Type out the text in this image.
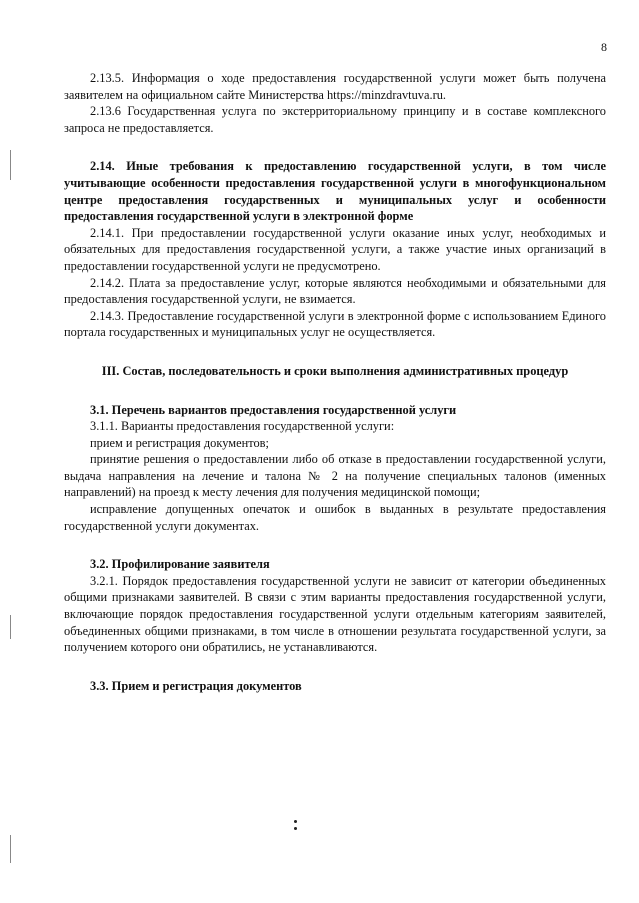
8

2.13.5. Информация о ходе предоставления государственной услуги может быть получена заявителем на официальном сайте Министерства https://minzdravtuva.ru.

2.13.6 Государственная услуга по экстерриториальному принципу и в составе комплексного запроса не предоставляется.

2.14. Иные требования к предоставлению государственной услуги, в том числе учитывающие особенности предоставления государственной услуги в многофункциональном центре предоставления государственных и муниципальных услуг и особенности предоставления государственной услуги в электронной форме

2.14.1. При предоставлении государственной услуги оказание иных услуг, необходимых и обязательных для предоставления государственной услуги, а также участие иных организаций в предоставлении государственной услуги не предусмотрено.

2.14.2. Плата за предоставление услуг, которые являются необходимыми и обязательными для предоставления государственной услуги, не взимается.

2.14.3. Предоставление государственной услуги в электронной форме с использованием Единого портала государственных и муниципальных услуг не осуществляется.

III. Состав, последовательность и сроки выполнения административных процедур

3.1. Перечень вариантов предоставления государственной услуги

3.1.1. Варианты предоставления государственной услуги:

прием и регистрация документов;

принятие решения о предоставлении либо об отказе в предоставлении государственной услуги, выдача направления на лечение и талона № 2 на получение специальных талонов (именных направлений) на проезд к месту лечения для получения медицинской помощи;

исправление допущенных опечаток и ошибок в выданных в результате предоставления государственной услуги документах.

3.2. Профилирование заявителя

3.2.1. Порядок предоставления государственной услуги не зависит от категории объединенных общими признаками заявителей. В связи с этим варианты предоставления государственной услуги, включающие порядок предоставления государственной услуги отдельным категориям заявителей, объединенных общими признаками, в том числе в отношении результата государственной услуги, за получением которого они обратились, не устанавливаются.

3.3. Прием и регистрация документов
